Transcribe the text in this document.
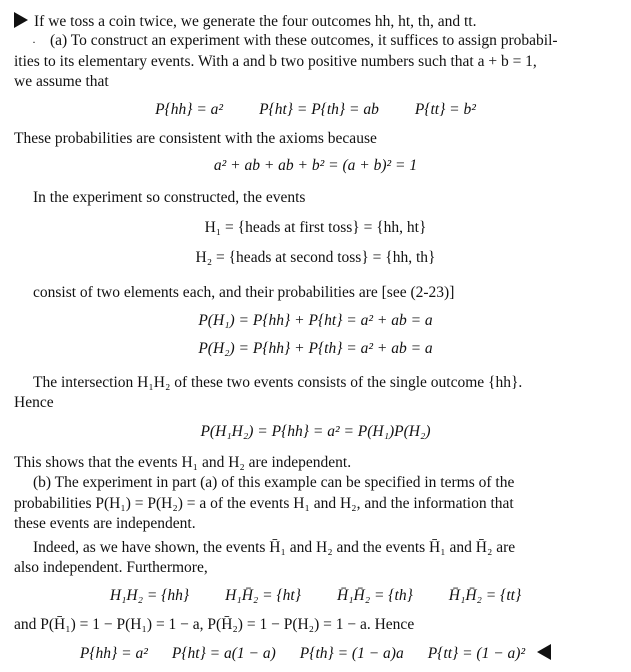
If we toss a coin twice, we generate the four outcomes hh, ht, th, and tt.
· (a) To construct an experiment with these outcomes, it suffices to assign probabil-
ities to its elementary events. With a and b two positive numbers such that a + b = 1,
we assume that
P{hh} = a² P{ht} = P{th} = ab P{tt} = b²
These probabilities are consistent with the axioms because
a² + ab + ab + b² = (a + b)² = 1
In the experiment so constructed, the events
H₁ = {heads at first toss} = {hh, ht}
H₂ = {heads at second toss} = {hh, th}
consist of two elements each, and their probabilities are [see (2-23)]
P(H₁) = P{hh} + P{ht} = a² + ab = a
P(H₂) = P{hh} + P{th} = a² + ab = a
The intersection H₁H₂ of these two events consists of the single outcome {hh}.
Hence
P(H₁H₂) = P{hh} = a² = P(H₁)P(H₂)
This shows that the events H₁ and H₂ are independent.
(b) The experiment in part (a) of this example can be specified in terms of the
probabilities P(H₁) = P(H₂) = a of the events H₁ and H₂, and the information that
these events are independent.
Indeed, as we have shown, the events H̄₁ and H₂ and the events H̄₁ and H̄₂ are
also independent. Furthermore,
H₁H₂ = {hh} H₁H̄₂ = {ht} H̄₁H̄₂ = {th} H̄₁H̄₂ = {tt}
and P(H̄₁) = 1 − P(H₁) = 1 − a, P(H̄₂) = 1 − P(H₂) = 1 − a. Hence
P{hh} = a² P{ht} = a(1 − a) P{th} = (1 − a)a P{tt} = (1 − a)²
